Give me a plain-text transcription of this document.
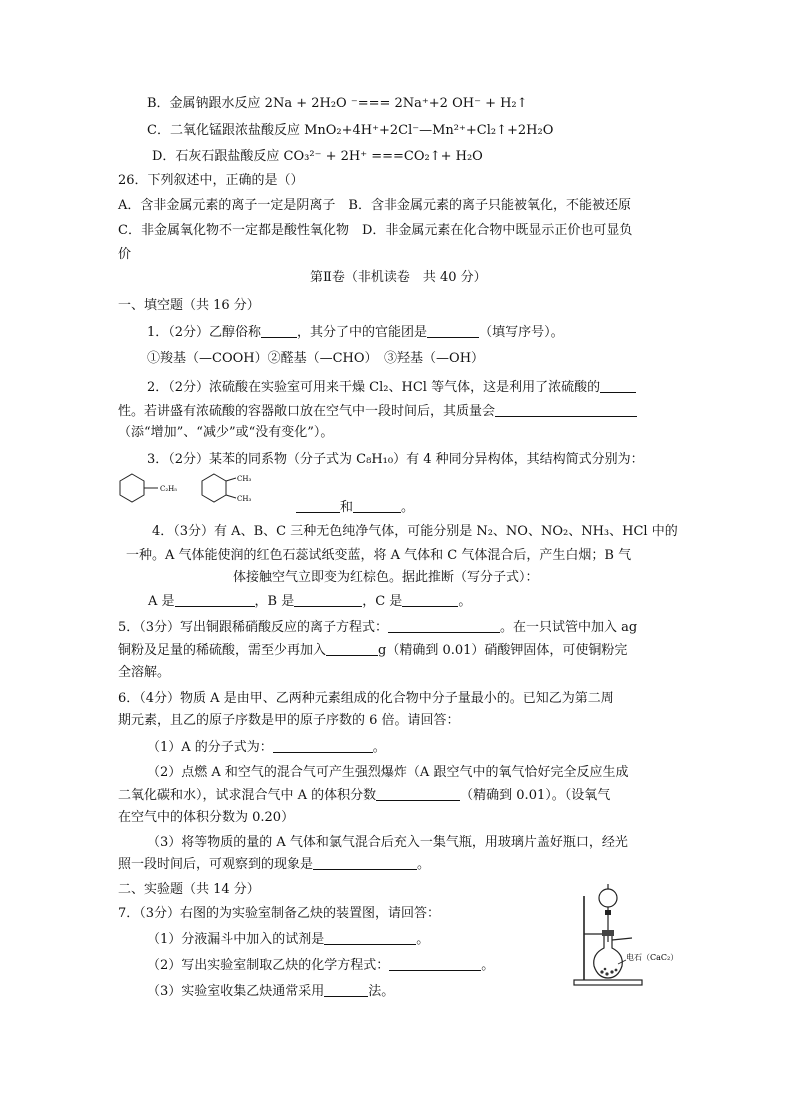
B．金属钠跟水反应 2Na + 2H₂O ⁻=== 2Na⁺+2 OH⁻ + H₂↑
C．二氧化锰跟浓盐酸反应 MnO₂+4H⁺+2Cl⁻—Mn²⁺+Cl₂↑+2H₂O
D．石灰石跟盐酸反应 CO₃²⁻ + 2H⁺ ===CO₂↑+ H₂O
26．下列叙述中，正确的是（）
A．含非金属元素的离子一定是阴离子　B．含非金属元素的离子只能被氧化，不能被还原
C．非金属氧化物不一定都是酸性氧化物　D．非金属元素在化合物中既显示正价也可显负
价
第Ⅱ卷（非机读卷　共 40 分）
一、填空题（共 16 分）
1．（2分）乙醇俗称	，其分了中的官能团是	（填写序号）。
①羧基（—COOH）②醛基（—CHO）　③羟基（—OH）
2．（2分）浓硫酸在实验室可用来干燥 Cl₂、HCl 等气体，这是利用了浓硫酸的
性。若讲盛有浓硫酸的容器敞口放在空气中一段时间后，其质量会
（添“增加”、“减少”或“没有变化”）。
3．（2分）某苯的同系物（分子式为 C₈H₁₀）有 4 种同分异构体，其结构简式分别为：
C₂H₅
CH₃
CH₃
和	。
4．（3分）有 A、B、C 三种无色纯净气体，可能分别是 N₂、NO、NO₂、NH₃、HCl 中的
一种。A 气体能使润的红色石蕊试纸变蓝，将 A 气体和 C 气体混合后，产生白烟；B 气
体接触空气立即变为红棕色。据此推断（写分子式）：
A 是	，B 是	，C 是	。
5．（3分）写出铜跟稀硝酸反应的离子方程式：	。在一只试管中加入 ag
铜粉及足量的稀硫酸，需至少再加入	g（精确到 0.01）硝酸钾固体，可使铜粉完
全溶解。
6．（4分）物质 A 是由甲、乙两种元素组成的化合物中分子量最小的。已知乙为第二周
期元素，且乙的原子序数是甲的原子序数的 6 倍。请回答：
（1）A 的分子式为：	。
（2）点燃 A 和空气的混合气可产生强烈爆炸（A 跟空气中的氧气恰好完全反应生成
二氧化碳和水），试求混合气中 A 的体积分数	（精确到 0.01）。（设氧气
在空气中的体积分数为 0.20）
（3）将等物质的量的 A 气体和氯气混合后充入一集气瓶，用玻璃片盖好瓶口，经光
照一段时间后，可观察到的现象是	。
二、实验题（共 14 分）
7．（3分）右图的为实验室制备乙炔的装置图，请回答：
（1）分液漏斗中加入的试剂是	。
（2）写出实验室制取乙炔的化学方程式：	。
（3）实验室收集乙炔通常采用	法。
电石（CaC₂）
